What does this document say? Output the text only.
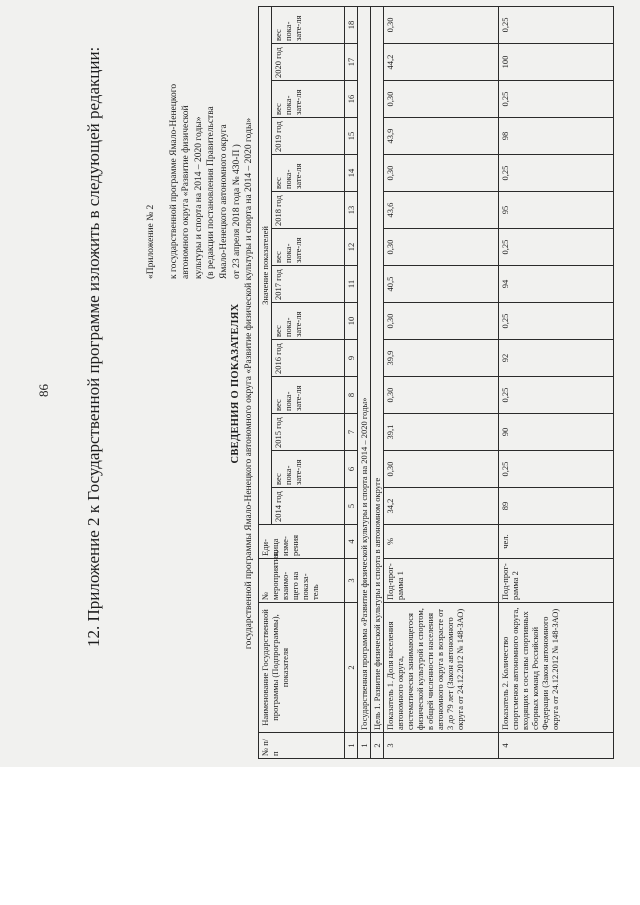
86 12. Приложение 2 к Государственной программе изложить в следующей редакции:	«Приложение № 2 к государственной программе Ямало-Ненецкого автономного округа «Развитие физической культуры и спорта на 2014 – 2020 годы» (в редакции постановления Правительства Ямало-Ненецкого автономного округа от 23 апреля 2018 года № 430-П )
СВЕДЕНИЯ О ПОКАЗАТЕЛЯХ государственной программы Ямало-Ненецкого автономного округа «Развитие физической культуры и спорта на 2014 – 2020 годы»
№ п/п	Наименование Государственной программы (Подпрограммы), показателя	№ мероприятия, взаимо-щего на показа-тель	Еди-ница изме-рения	Значение показателей													
				2014 год	вес пока-зате-ля	2015 год	вес пока-зате-ля	2016 год	вес пока-зате-ля	2017 год	вес пока-зате-ля	2018 год	вес пока-зате-ля	2019 год	вес пока-зате-ля	2020 год	вес пока-зате-ля
1	2	3	4	5	6	7	8	9	10	11	12	13	14	15	16	17	18
1	Государственная программа «Развитие физической культуры и спорта на 2014 – 2020 годы»																
2	Цель 1. Развитие физической культуры и спорта в автономном округе																
3	Показатель 1. Доля населения автономного округа, систематически занимающегося физической культурой и спортом, в общей численности населения автономного округа в возрасте от 3 до 79 лет (Закон автономного округа от 24.12.2012 № 148-ЗАО)	Под-прог-рамма 1	%	34,2	0,30	39,1	0,30	39,9	0,30	40,5	0,30	43,6	0,30	43,9	0,30	44,2	0,30
4	Показатель 2. Количество спортсменов автономного округа, входящих в составы спортивных сборных команд Российской Федерации (Закон автономного округа от 24.12.2012 № 148-ЗАО)	Под-прог-рамма 2	чел.	89	0,25	90	0,25	92	0,25	94	0,25	95	0,25	98	0,25	100	0,25
